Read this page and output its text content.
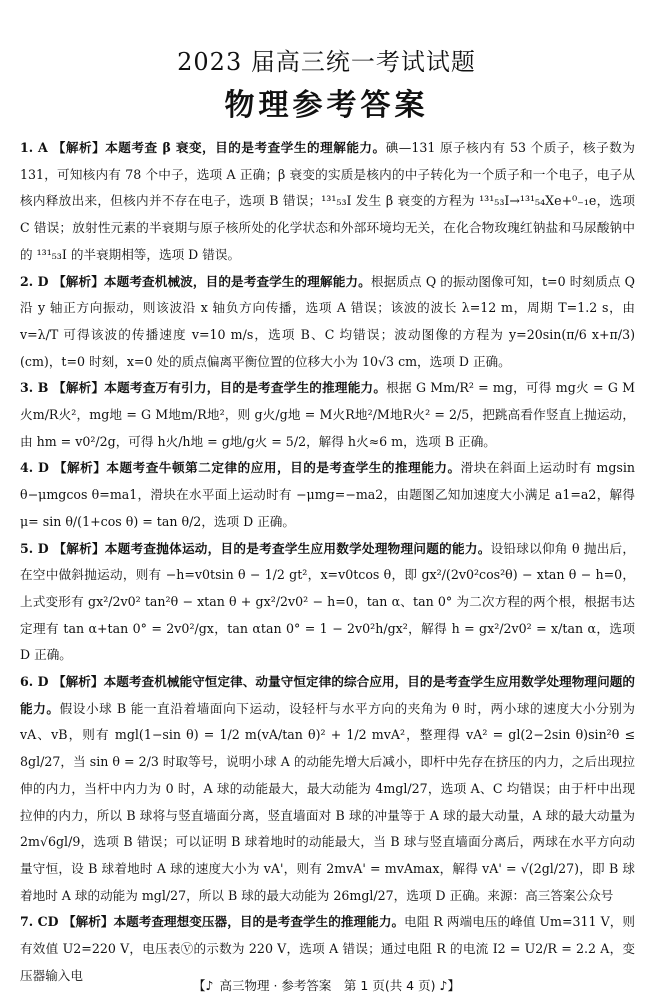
2023 届高三统一考试试题
物理参考答案

1. A 【解析】本题考查 β 衰变，目的是考查学生的理解能力。碘—131 原子核内有 53 个质子，核子数为 131，可知核内有 78 个中子，选项 A 正确；β 衰变的实质是核内的中子转化为一个质子和一个电子，电子从核内释放出来，但核内并不存在电子，选项 B 错误；¹³¹₅₃I 发生 β 衰变的方程为 ¹³¹₅₃I→¹³¹₅₄Xe+⁰₋₁e，选项 C 错误；放射性元素的半衰期与原子核所处的化学状态和外部环境均无关，在化合物玫瑰红钠盐和马尿酸钠中的 ¹³¹₅₃I 的半衰期相等，选项 D 错误。

2. D 【解析】本题考查机械波，目的是考查学生的理解能力。根据质点 Q 的振动图像可知，t=0 时刻质点 Q 沿 y 轴正方向振动，则该波沿 x 轴负方向传播，选项 A 错误；该波的波长 λ=12 m，周期 T=1.2 s，由 v=λ/T 可得该波的传播速度 v=10 m/s，选项 B、C 均错误；波动图像的方程为 y=20sin(π/6 x+π/3)(cm)，t=0 时刻，x=0 处的质点偏离平衡位置的位移大小为 10√3 cm，选项 D 正确。

3. B 【解析】本题考查万有引力，目的是考查学生的推理能力。根据 G Mm/R² = mg，可得 mg火 = G M火m/R火²，mg地 = G M地m/R地²，则 g火/g地 = M火R地²/M地R火² = 2/5，把跳高看作竖直上抛运动，由 hm = v0²/2g，可得 h火/h地 = g地/g火 = 5/2，解得 h火≈6 m，选项 B 正确。

4. D 【解析】本题考查牛顿第二定律的应用，目的是考查学生的推理能力。滑块在斜面上运动时有 mgsin θ−μmgcos θ=ma1，滑块在水平面上运动时有 −μmg=−ma2，由题图乙知加速度大小满足 a1=a2，解得 μ= sin θ/(1+cos θ) = tan θ/2，选项 D 正确。

5. D 【解析】本题考查抛体运动，目的是考查学生应用数学处理物理问题的能力。设铅球以仰角 θ 抛出后，在空中做斜抛运动，则有 −h=v0tsin θ − 1/2 gt²，x=v0tcos θ，即 gx²/(2v0²cos²θ) − xtan θ − h=0，上式变形有 gx²/2v0² tan²θ − xtan θ + gx²/2v0² − h=0，tan α、tan 0° 为二次方程的两个根，根据韦达定理有 tan α+tan 0° = 2v0²/gx，tan αtan 0° = 1 − 2v0²h/gx²，解得 h = gx²/2v0² = x/tan α，选项 D 正确。

6. D 【解析】本题考查机械能守恒定律、动量守恒定律的综合应用，目的是考查学生应用数学处理物理问题的能力。假设小球 B 能一直沿着墙面向下运动，设轻杆与水平方向的夹角为 θ 时，两小球的速度大小分别为 vA、vB，则有 mgl(1−sin θ) = 1/2 m(vA/tan θ)² + 1/2 mvA²，整理得 vA² = gl(2−2sin θ)sin²θ ≤ 8gl/27，当 sin θ = 2/3 时取等号，说明小球 A 的动能先增大后减小，即杆中先存在挤压的内力，之后出现拉伸的内力，当杆中内力为 0 时，A 球的动能最大，最大动能为 4mgl/27，选项 A、C 均错误；由于杆中出现拉伸的内力，所以 B 球将与竖直墙面分离，竖直墙面对 B 球的冲量等于 A 球的最大动量，A 球的最大动量为 2m√6gl/9，选项 B 错误；可以证明 B 球着地时的动能最大，当 B 球与竖直墙面分离后，两球在水平方向动量守恒，设 B 球着地时 A 球的速度大小为 vA'，则有 2mvA' = mvAmax，解得 vA' = √(2gl/27)，即 B 球着地时 A 球的动能为 mgl/27，所以 B 球的最大动能为 26mgl/27，选项 D 正确。来源：高三答案公众号

7. CD 【解析】本题考查理想变压器，目的是考查学生的推理能力。电阻 R 两端电压的峰值 Um=311 V，则有效值 U2=220 V，电压表Ⓥ的示数为 220 V，选项 A 错误；通过电阻 R 的电流 I2 = U2/R = 2.2 A，变压器输入电

【♪ 高三物理 · 参考答案　第 1 页(共 4 页) ♪】
